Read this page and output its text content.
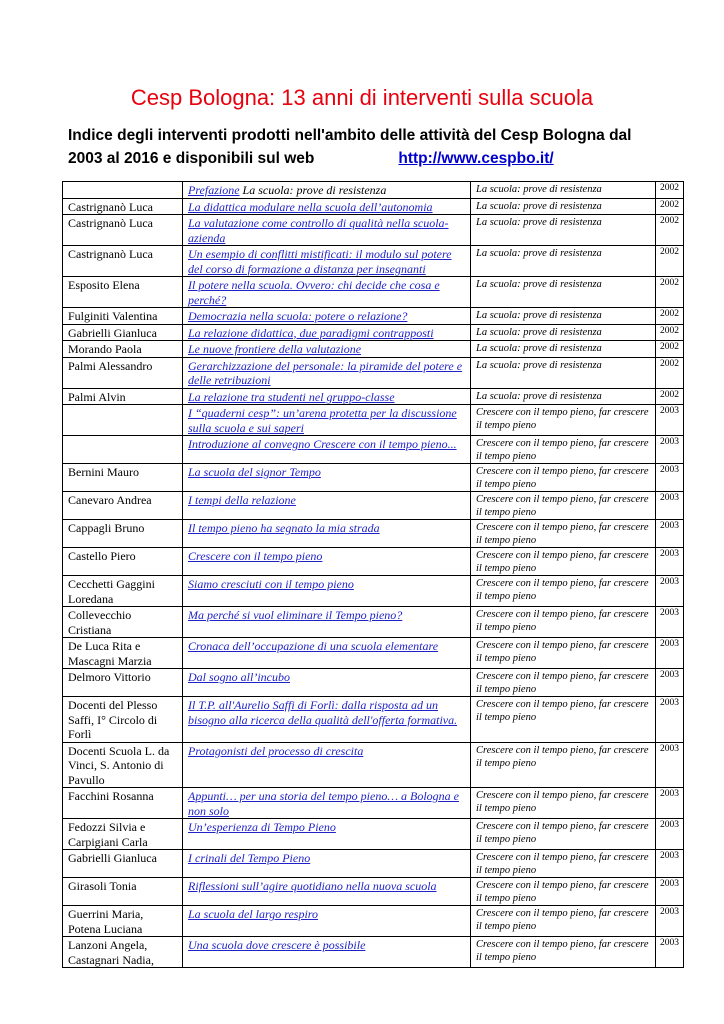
Cesp Bologna: 13 anni di interventi sulla scuola
Indice degli interventi prodotti nell'ambito delle attività del Cesp Bologna dal
2003 al 2016 e disponibili sul web	http://www.cespbo.it/
	Prefazione La scuola: prove di resistenza	La scuola: prove di resistenza	2002
Castrignanò Luca	La didattica modulare nella scuola dell’autonomia	La scuola: prove di resistenza	2002
Castrignanò Luca	La valutazione come controllo di qualità nella scuola-azienda	La scuola: prove di resistenza	2002
Castrignanò Luca	Un esempio di conflitti mistificati: il modulo sul potere del corso di formazione a distanza per insegnanti	La scuola: prove di resistenza	2002
Esposito Elena	Il potere nella scuola. Ovvero: chi decide che cosa e perché?	La scuola: prove di resistenza	2002
Fulginiti Valentina	Democrazia nella scuola: potere o relazione?	La scuola: prove di resistenza	2002
Gabrielli Gianluca	La relazione didattica, due paradigmi contrapposti	La scuola: prove di resistenza	2002
Morando Paola	Le nuove frontiere della valutazione	La scuola: prove di resistenza	2002
Palmi Alessandro	Gerarchizzazione del personale: la piramide del potere e delle retribuzioni	La scuola: prove di resistenza	2002
Palmi Alvin	La relazione tra studenti nel gruppo-classe	La scuola: prove di resistenza	2002
	I “quaderni cesp”: un’arena protetta per la discussione sulla scuola e sui saperi	Crescere con il tempo pieno, far crescere il tempo pieno	2003
	Introduzione al convegno Crescere con il tempo pieno...	Crescere con il tempo pieno, far crescere il tempo pieno	2003
Bernini Mauro	La scuola del signor Tempo	Crescere con il tempo pieno, far crescere il tempo pieno	2003
Canevaro Andrea	I tempi della relazione	Crescere con il tempo pieno, far crescere il tempo pieno	2003
Cappagli Bruno	Il tempo pieno ha segnato la mia strada	Crescere con il tempo pieno, far crescere il tempo pieno	2003
Castello Piero	Crescere con il tempo pieno	Crescere con il tempo pieno, far crescere il tempo pieno	2003
Cecchetti Gaggini Loredana	Siamo cresciuti con il tempo pieno	Crescere con il tempo pieno, far crescere il tempo pieno	2003
Collevecchio Cristiana	Ma perché si vuol eliminare il Tempo pieno?	Crescere con il tempo pieno, far crescere il tempo pieno	2003
De Luca Rita e Mascagni Marzia	Cronaca dell’occupazione di una scuola elementare	Crescere con il tempo pieno, far crescere il tempo pieno	2003
Delmoro Vittorio	Dal sogno all’incubo	Crescere con il tempo pieno, far crescere il tempo pieno	2003
Docenti del Plesso Saffi, I° Circolo di Forlì	Il T.P. all'Aurelio Saffi di Forlì: dalla risposta ad un bisogno alla ricerca della qualità dell'offerta formativa.	Crescere con il tempo pieno, far crescere il tempo pieno	2003
Docenti Scuola L. da Vinci, S. Antonio di Pavullo	Protagonisti del processo di crescita	Crescere con il tempo pieno, far crescere il tempo pieno	2003
Facchini Rosanna	Appunti… per una storia del tempo pieno… a Bologna e non solo	Crescere con il tempo pieno, far crescere il tempo pieno	2003
Fedozzi Silvia e Carpigiani Carla	Un’esperienza di Tempo Pieno	Crescere con il tempo pieno, far crescere il tempo pieno	2003
Gabrielli Gianluca	I crinali del Tempo Pieno	Crescere con il tempo pieno, far crescere il tempo pieno	2003
Girasoli Tonia	Riflessioni sull’agire quotidiano nella nuova scuola	Crescere con il tempo pieno, far crescere il tempo pieno	2003
Guerrini Maria, Potena Luciana	La scuola del largo respiro	Crescere con il tempo pieno, far crescere il tempo pieno	2003
Lanzoni Angela, Castagnari Nadia,	Una scuola dove crescere è possibile	Crescere con il tempo pieno, far crescere il tempo pieno	2003
